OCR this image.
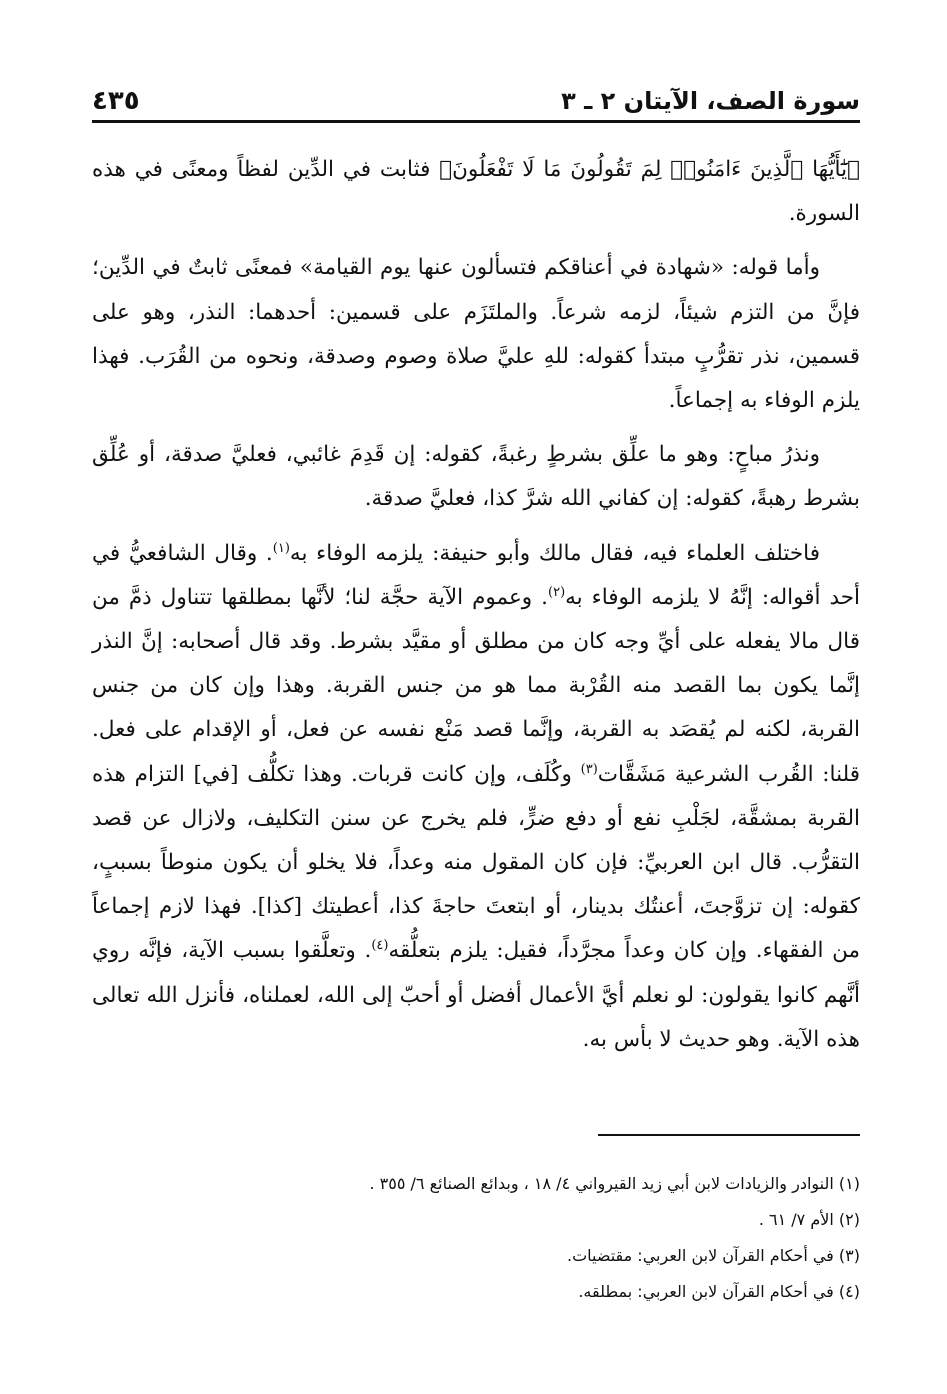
سورة الصف، الآيتان ٢ ـ ٣
٤٣٥

﴿يَٰٓأَيُّهَا ٱلَّذِينَ ءَامَنُوا۟ لِمَ تَقُولُونَ مَا لَا تَفْعَلُونَ﴾ فثابت في الدِّين لفظاً ومعنًى في هذه السورة.

وأما قوله: «شهادة في أعناقكم فتسألون عنها يوم القيامة» فمعنًى ثابتٌ في الدِّين؛ فإنَّ من التزم شيئاً، لزمه شرعاً. والملتَزَم على قسمين: أحدهما: النذر، وهو على قسمين، نذر تقرُّبٍ مبتدأ كقوله: للهِ عليَّ صلاة وصوم وصدقة، ونحوه من القُرَب. فهذا يلزم الوفاء به إجماعاً.

ونذرُ مباحٍ: وهو ما علِّق بشرطٍ رغبةً، كقوله: إن قَدِمَ غائبي، فعليَّ صدقة، أو عُلِّق بشرط رهبةً، كقوله: إن كفاني الله شرَّ كذا، فعليَّ صدقة.

فاختلف العلماء فيه، فقال مالك وأبو حنيفة: يلزمه الوفاء به$^{(١)}$. وقال الشافعيُّ في أحد أقواله: إنَّهُ لا يلزمه الوفاء به$^{(٢)}$. وعموم الآية حجَّة لنا؛ لأنَّها بمطلقها تتناول ذمَّ من قال مالا يفعله على أيِّ وجه كان من مطلق أو مقيَّد بشرط. وقد قال أصحابه: إنَّ النذر إنَّما يكون بما القصد منه القُرْبة مما هو من جنس القربة. وهذا وإن كان من جنس القربة، لكنه لم يُقصَد به القربة، وإنَّما قصد مَنْع نفسه عن فعل، أو الإقدام على فعل. قلنا: القُرب الشرعية مَشَقَّات$^{(٣)}$ وكُلَف، وإن كانت قربات. وهذا تكلُّف [في] التزام هذه القربة بمشقَّة، لجَلْبِ نفع أو دفع ضرٍّ، فلم يخرج عن سنن التكليف، ولازال عن قصد التقرُّب. قال ابن العربيِّ: فإن كان المقول منه وعداً، فلا يخلو أن يكون منوطاً بسببٍ، كقوله: إن تزوَّجتَ، أعنتُك بدينار، أو ابتعتَ حاجةَ كذا، أعطيتك [كذا]. فهذا لازم إجماعاً من الفقهاء. وإن كان وعداً مجرَّداً، فقيل: يلزم بتعلُّقه$^{(٤)}$. وتعلَّقوا بسبب الآية، فإنَّه روي أنَّهم كانوا يقولون: لو نعلم أيَّ الأعمال أفضل أو أحبّ إلى الله، لعملناه، فأنزل الله تعالى هذه الآية. وهو حديث لا بأس به.

(١) النوادر والزيادات لابن أبي زيد القيرواني ٤/ ١٨ ، وبدائع الصنائع ٦/ ٣٥٥ .

(٢) الأم ٧/ ٦١ .

(٣) في أحكام القرآن لابن العربي: مقتضيات.

(٤) في أحكام القرآن لابن العربي: بمطلقه.
